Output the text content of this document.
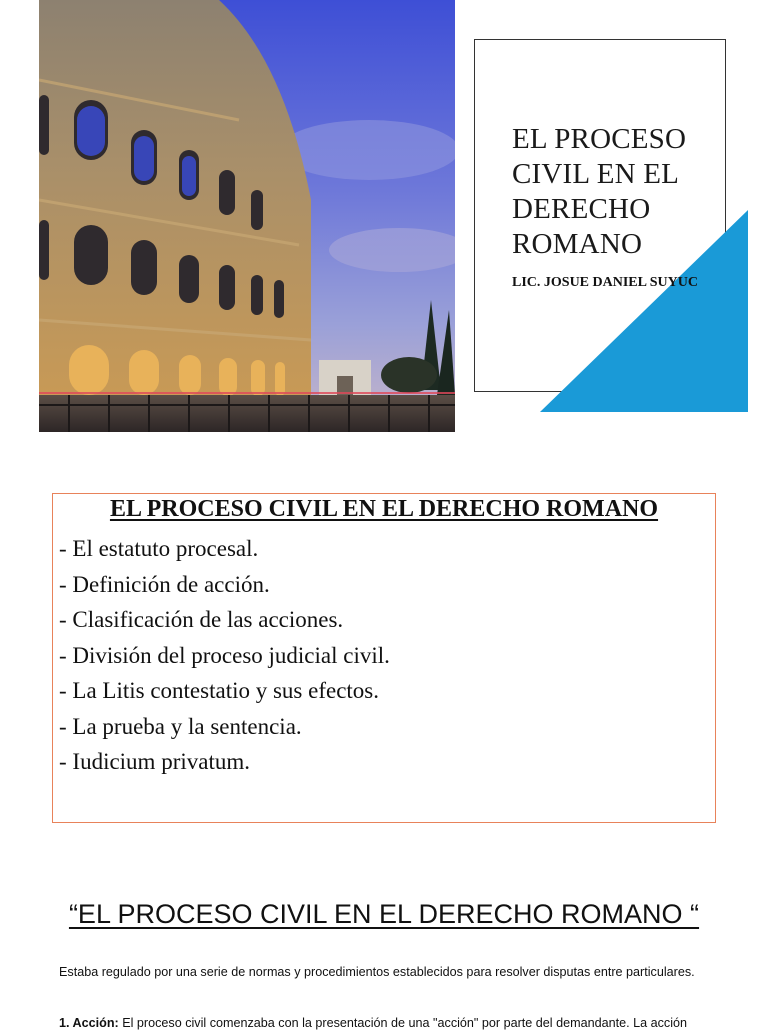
EL PROCESO CIVIL EN EL DERECHO ROMANO
LIC. JOSUE DANIEL SUYUC
EL PROCESO CIVIL EN EL DERECHO ROMANO
- El estatuto procesal.
- Definición de acción.
- Clasificación de las acciones.
- División del proceso judicial civil.
- La Litis contestatio y sus efectos.
- La prueba y la sentencia.
- Iudicium privatum.
“EL PROCESO CIVIL EN EL DERECHO ROMANO “

Estaba regulado por una serie de normas y procedimientos establecidos para resolver disputas entre particulares.

1. Acción: El proceso civil comenzaba con la presentación de una "acción" por parte del demandante. La acción
